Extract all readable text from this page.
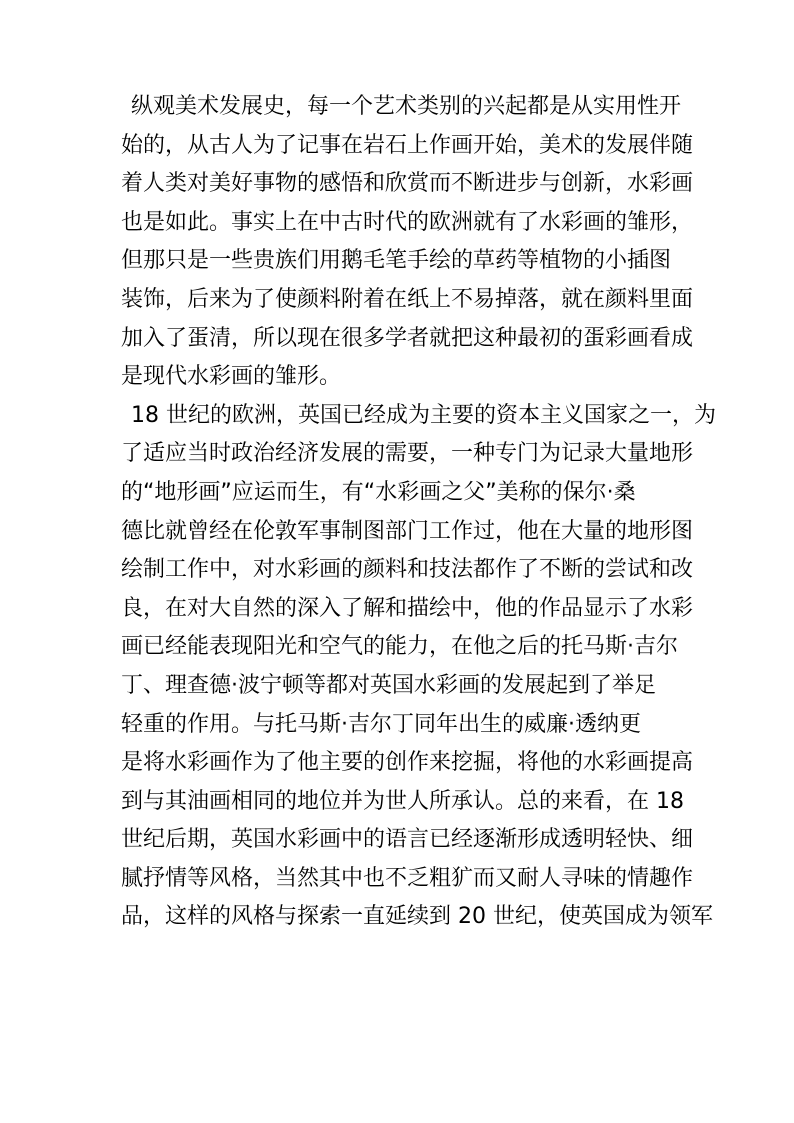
纵观美术发展史，每一个艺术类别的兴起都是从实用性开
始的，从古人为了记事在岩石上作画开始，美术的发展伴随
着人类对美好事物的感悟和欣赏而不断进步与创新，水彩画
也是如此。事实上在中古时代的欧洲就有了水彩画的雏形，
但那只是一些贵族们用鹅毛笔手绘的草药等植物的小插图
装饰，后来为了使颜料附着在纸上不易掉落，就在颜料里面
加入了蛋清，所以现在很多学者就把这种最初的蛋彩画看成
是现代水彩画的雏形。

18 世纪的欧洲，英国已经成为主要的资本主义国家之一，为
了适应当时政治经济发展的需要，一种专门为记录大量地形
的“地形画”应运而生，有“水彩画之父”美称的保尔·桑
德比就曾经在伦敦军事制图部门工作过，他在大量的地形图
绘制工作中，对水彩画的颜料和技法都作了不断的尝试和改
良，在对大自然的深入了解和描绘中，他的作品显示了水彩
画已经能表现阳光和空气的能力，在他之后的托马斯·吉尔
丁、理查德·波宁顿等都对英国水彩画的发展起到了举足
轻重的作用。与托马斯·吉尔丁同年出生的威廉·透纳更
是将水彩画作为了他主要的创作来挖掘，将他的水彩画提高
到与其油画相同的地位并为世人所承认。总的来看，在 18
世纪后期，英国水彩画中的语言已经逐渐形成透明轻快、细
腻抒情等风格，当然其中也不乏粗犷而又耐人寻味的情趣作
品，这样的风格与探索一直延续到 20 世纪，使英国成为领军
